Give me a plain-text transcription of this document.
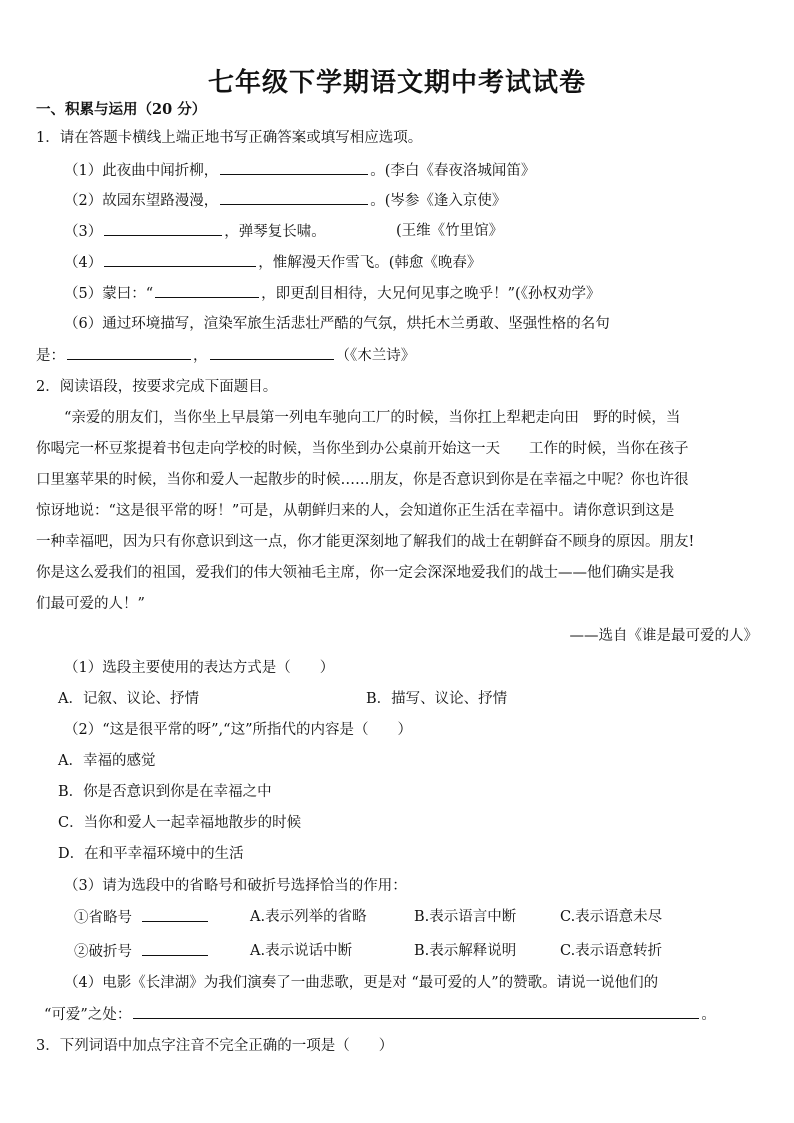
七年级下学期语文期中考试试卷
一、积累与运用（20 分）
1．请在答题卡横线上端正地书写正确答案或填写相应选项。
（1）此夜曲中闻折柳，	。(李白《春夜洛城闻笛》
（2）故园东望路漫漫，	。(岑参《逢入京使》
（3）	，弹琴复长啸。	(王维《竹里馆》
（4）	，惟解漫天作雪飞。(韩愈《晚春》
（5）蒙曰：“	，即更刮目相待，大兄何见事之晚乎！”(《孙权劝学》
（6）通过环境描写，渲染军旅生活悲壮严酷的气氛，烘托木兰勇敢、坚强性格的名句
是：	，	（《木兰诗》
2．阅读语段，按要求完成下面题目。
“亲爱的朋友们，当你坐上早晨第一列电车驰向工厂的时候，当你扛上犁耙走向田　野的时候，当
你喝完一杯豆浆提着书包走向学校的时候，当你坐到办公桌前开始这一天　　工作的时候，当你在孩子
口里塞苹果的时候，当你和爱人一起散步的时候……朋友，你是否意识到你是在幸福之中呢？你也许很
惊讶地说：“这是很平常的呀！”可是，从朝鲜归来的人，会知道你正生活在幸福中。请你意识到这是
一种幸福吧，因为只有你意识到这一点，你才能更深刻地了解我们的战士在朝鲜奋不顾身的原因。朋友!
你是这么爱我们的祖国，爱我们的伟大领袖毛主席，你一定会深深地爱我们的战士——他们确实是我
们最可爱的人！”
——选自《谁是最可爱的人》
（1）选段主要使用的表达方式是（　　）
A．记叙、议论、抒情	B．描写、议论、抒情
（2）“这是很平常的呀”,“这”所指代的内容是（　　）
A．幸福的感觉
B．你是否意识到你是在幸福之中
C．当你和爱人一起幸福地散步的时候
D．在和平幸福环境中的生活
（3）请为选段中的省略号和破折号选择恰当的作用：
①省略号	A.表示列举的省略	B.表示语言中断	C.表示语意未尽
②破折号	A.表示说话中断	B.表示解释说明	C.表示语意转折
（4）电影《长津湖》为我们演奏了一曲悲歌，更是对 “最可爱的人”的赞歌。请说一说他们的
“可爱”之处：	。
3．下列词语中加点字注音不完全正确的一项是（　　）
